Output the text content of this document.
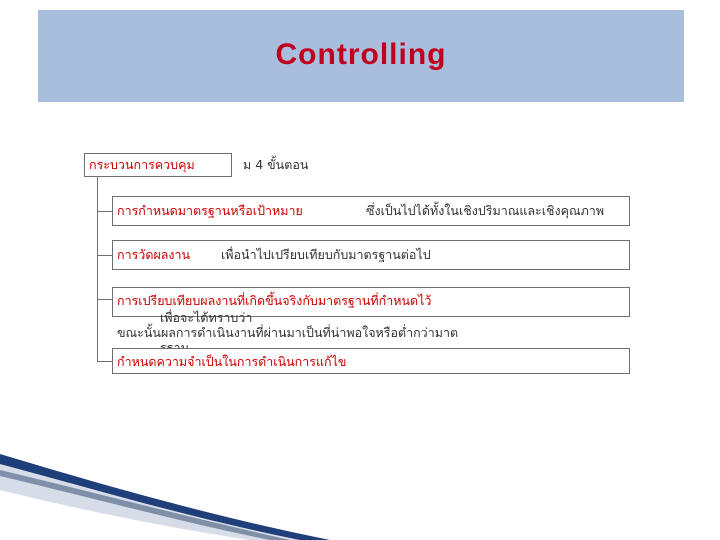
Controlling
กระบวนการควบคุม	ม 4 ขั้นตอน
การกำหนดมาตรฐานหรือเป้าหมาย	ซึ่งเป็นไปได้ทั้งในเชิงปริมาณและเชิงคุณภาพ
การวัดผลงาน เพื่อนำไปเปรียบเทียบกับมาตรฐานต่อไป
การเปรียบเทียบผลงานที่เกิดขึ้นจริงกับมาตรฐานที่กำหนดไว้
เพื่อจะได้ทราบว่า
ขณะนั้นผลการดำเนินงานที่ผ่านมาเป็นที่น่าพอใจหรือต่ำกว่ามาต
กำหนดความจำเป็นในการดำเนินการแก้ไข
